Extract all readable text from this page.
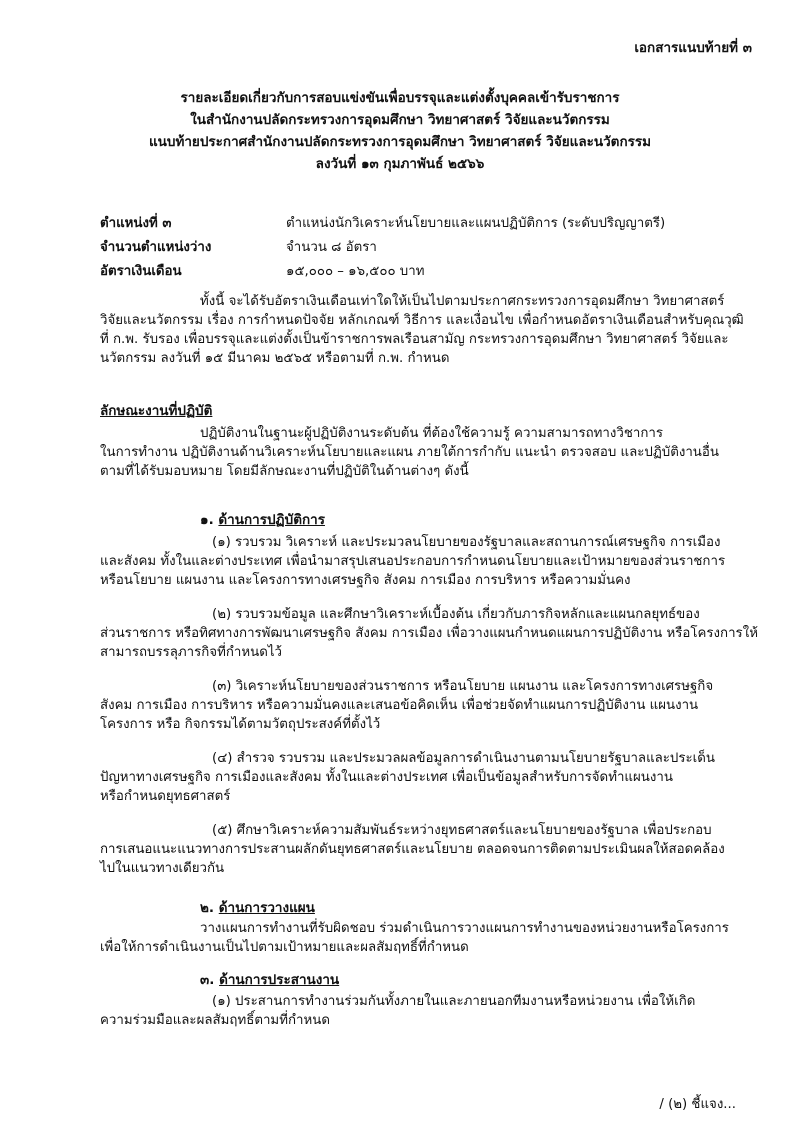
เอกสารแนบท้ายที่ ๓
รายละเอียดเกี่ยวกับการสอบแข่งขันเพื่อบรรจุและแต่งตั้งบุคคลเข้ารับราชการ
ในสำนักงานปลัดกระทรวงการอุดมศึกษา วิทยาศาสตร์ วิจัยและนวัตกรรม
แนบท้ายประกาศสำนักงานปลัดกระทรวงการอุดมศึกษา วิทยาศาสตร์ วิจัยและนวัตกรรม
ลงวันที่ ๑๓ กุมภาพันธ์ ๒๕๖๖
ตำแหน่งที่ ๓	ตำแหน่งนักวิเคราะห์นโยบายและแผนปฏิบัติการ (ระดับปริญญาตรี)
จำนวนตำแหน่งว่าง	จำนวน ๘ อัตรา
อัตราเงินเดือน	๑๕,๐๐๐ – ๑๖,๕๐๐ บาท
ทั้งนี้ จะได้รับอัตราเงินเดือนเท่าใดให้เป็นไปตามประกาศกระทรวงการอุดมศึกษา วิทยาศาสตร์
วิจัยและนวัตกรรม เรื่อง การกำหนดปัจจัย หลักเกณฑ์ วิธีการ และเงื่อนไข เพื่อกำหนดอัตราเงินเดือนสำหรับคุณวุฒิ
ที่ ก.พ. รับรอง เพื่อบรรจุและแต่งตั้งเป็นข้าราชการพลเรือนสามัญ กระทรวงการอุดมศึกษา วิทยาศาสตร์ วิจัยและ
นวัตกรรม ลงวันที่ ๑๕ มีนาคม ๒๕๖๕ หรือตามที่ ก.พ. กำหนด
ลักษณะงานที่ปฏิบัติ
ปฏิบัติงานในฐานะผู้ปฏิบัติงานระดับต้น ที่ต้องใช้ความรู้ ความสามารถทางวิชาการ
ในการทำงาน ปฏิบัติงานด้านวิเคราะห์นโยบายและแผน ภายใต้การกำกับ แนะนำ ตรวจสอบ และปฏิบัติงานอื่น
ตามที่ได้รับมอบหมาย โดยมีลักษณะงานที่ปฏิบัติในด้านต่างๆ ดังนี้
๑. ด้านการปฏิบัติการ
(๑) รวบรวม วิเคราะห์ และประมวลนโยบายของรัฐบาลและสถานการณ์เศรษฐกิจ การเมือง
และสังคม ทั้งในและต่างประเทศ เพื่อนำมาสรุปเสนอประกอบการกำหนดนโยบายและเป้าหมายของส่วนราชการ
หรือนโยบาย แผนงาน และโครงการทางเศรษฐกิจ สังคม การเมือง การบริหาร หรือความมั่นคง
(๒) รวบรวมข้อมูล และศึกษาวิเคราะห์เบื้องต้น เกี่ยวกับภารกิจหลักและแผนกลยุทธ์ของ
ส่วนราชการ หรือทิศทางการพัฒนาเศรษฐกิจ สังคม การเมือง เพื่อวางแผนกำหนดแผนการปฏิบัติงาน หรือโครงการให้
สามารถบรรลุภารกิจที่กำหนดไว้
(๓) วิเคราะห์นโยบายของส่วนราชการ หรือนโยบาย แผนงาน และโครงการทางเศรษฐกิจ
สังคม การเมือง การบริหาร หรือความมั่นคงและเสนอข้อคิดเห็น เพื่อช่วยจัดทำแผนการปฏิบัติงาน แผนงาน
โครงการ หรือ กิจกรรมได้ตามวัตถุประสงค์ที่ตั้งไว้
(๔) สำรวจ รวบรวม และประมวลผลข้อมูลการดำเนินงานตามนโยบายรัฐบาลและประเด็น
ปัญหาทางเศรษฐกิจ การเมืองและสังคม ทั้งในและต่างประเทศ เพื่อเป็นข้อมูลสำหรับการจัดทำแผนงาน
หรือกำหนดยุทธศาสตร์
(๕) ศึกษาวิเคราะห์ความสัมพันธ์ระหว่างยุทธศาสตร์และนโยบายของรัฐบาล เพื่อประกอบ
การเสนอแนะแนวทางการประสานผลักดันยุทธศาสตร์และนโยบาย ตลอดจนการติดตามประเมินผลให้สอดคล้อง
ไปในแนวทางเดียวกัน
๒. ด้านการวางแผน
วางแผนการทำงานที่รับผิดชอบ ร่วมดำเนินการวางแผนการทำงานของหน่วยงานหรือโครงการ
เพื่อให้การดำเนินงานเป็นไปตามเป้าหมายและผลสัมฤทธิ์ที่กำหนด
๓. ด้านการประสานงาน
(๑) ประสานการทำงานร่วมกันทั้งภายในและภายนอกทีมงานหรือหน่วยงาน เพื่อให้เกิด
ความร่วมมือและผลสัมฤทธิ์ตามที่กำหนด
/ (๒) ชี้แจง...
